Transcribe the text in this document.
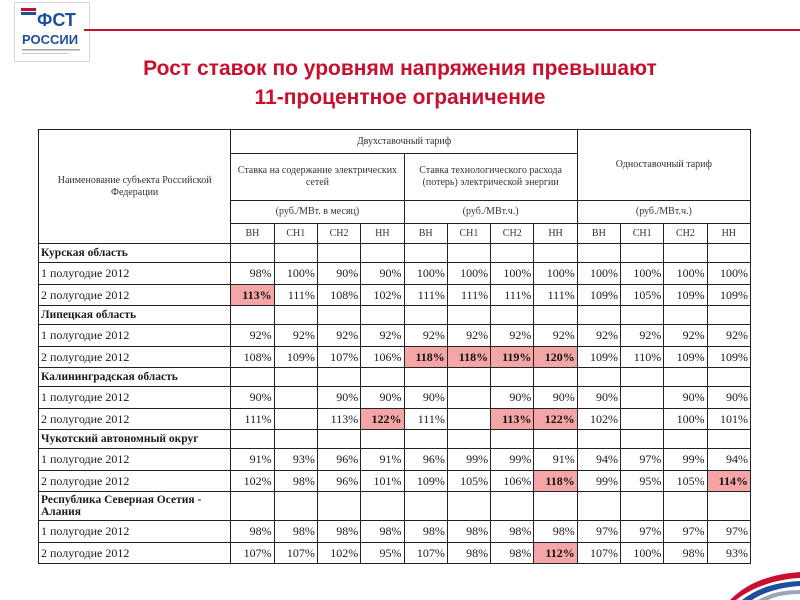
ФСТ
РОССИИ
Рост ставок по уровням напряжения превышают
11-процентное ограничение
Наименование субъекта Российской Федерации	Двухставочный тариф								Одноставочный тариф			
	Ставка на содержание электрических сетей				Ставка технологического расхода (потерь) электрической энергии							
	(руб./МВт. в месяц)				(руб./МВт.ч.)				(руб./МВт.ч.)			
	ВН	СН1	СН2	НН	ВН	СН1	СН2	НН	ВН	СН1	СН2	НН
Курская область												
1 полугодие 2012	98%	100%	90%	90%	100%	100%	100%	100%	100%	100%	100%	100%
2 полугодие 2012	113%	111%	108%	102%	111%	111%	111%	111%	109%	105%	109%	109%
Липецкая область												
1 полугодие 2012	92%	92%	92%	92%	92%	92%	92%	92%	92%	92%	92%	92%
2 полугодие 2012	108%	109%	107%	106%	118%	118%	119%	120%	109%	110%	109%	109%
Калининградская область												
1 полугодие 2012	90%		90%	90%	90%		90%	90%	90%		90%	90%
2 полугодие 2012	111%		113%	122%	111%		113%	122%	102%		100%	101%
Чукотский автономный округ												
1 полугодие 2012	91%	93%	96%	91%	96%	99%	99%	91%	94%	97%	99%	94%
2 полугодие 2012	102%	98%	96%	101%	109%	105%	106%	118%	99%	95%	105%	114%
Республика Северная Осетия - Алания												
1 полугодие 2012	98%	98%	98%	98%	98%	98%	98%	98%	97%	97%	97%	97%
2 полугодие 2012	107%	107%	102%	95%	107%	98%	98%	112%	107%	100%	98%	93%
